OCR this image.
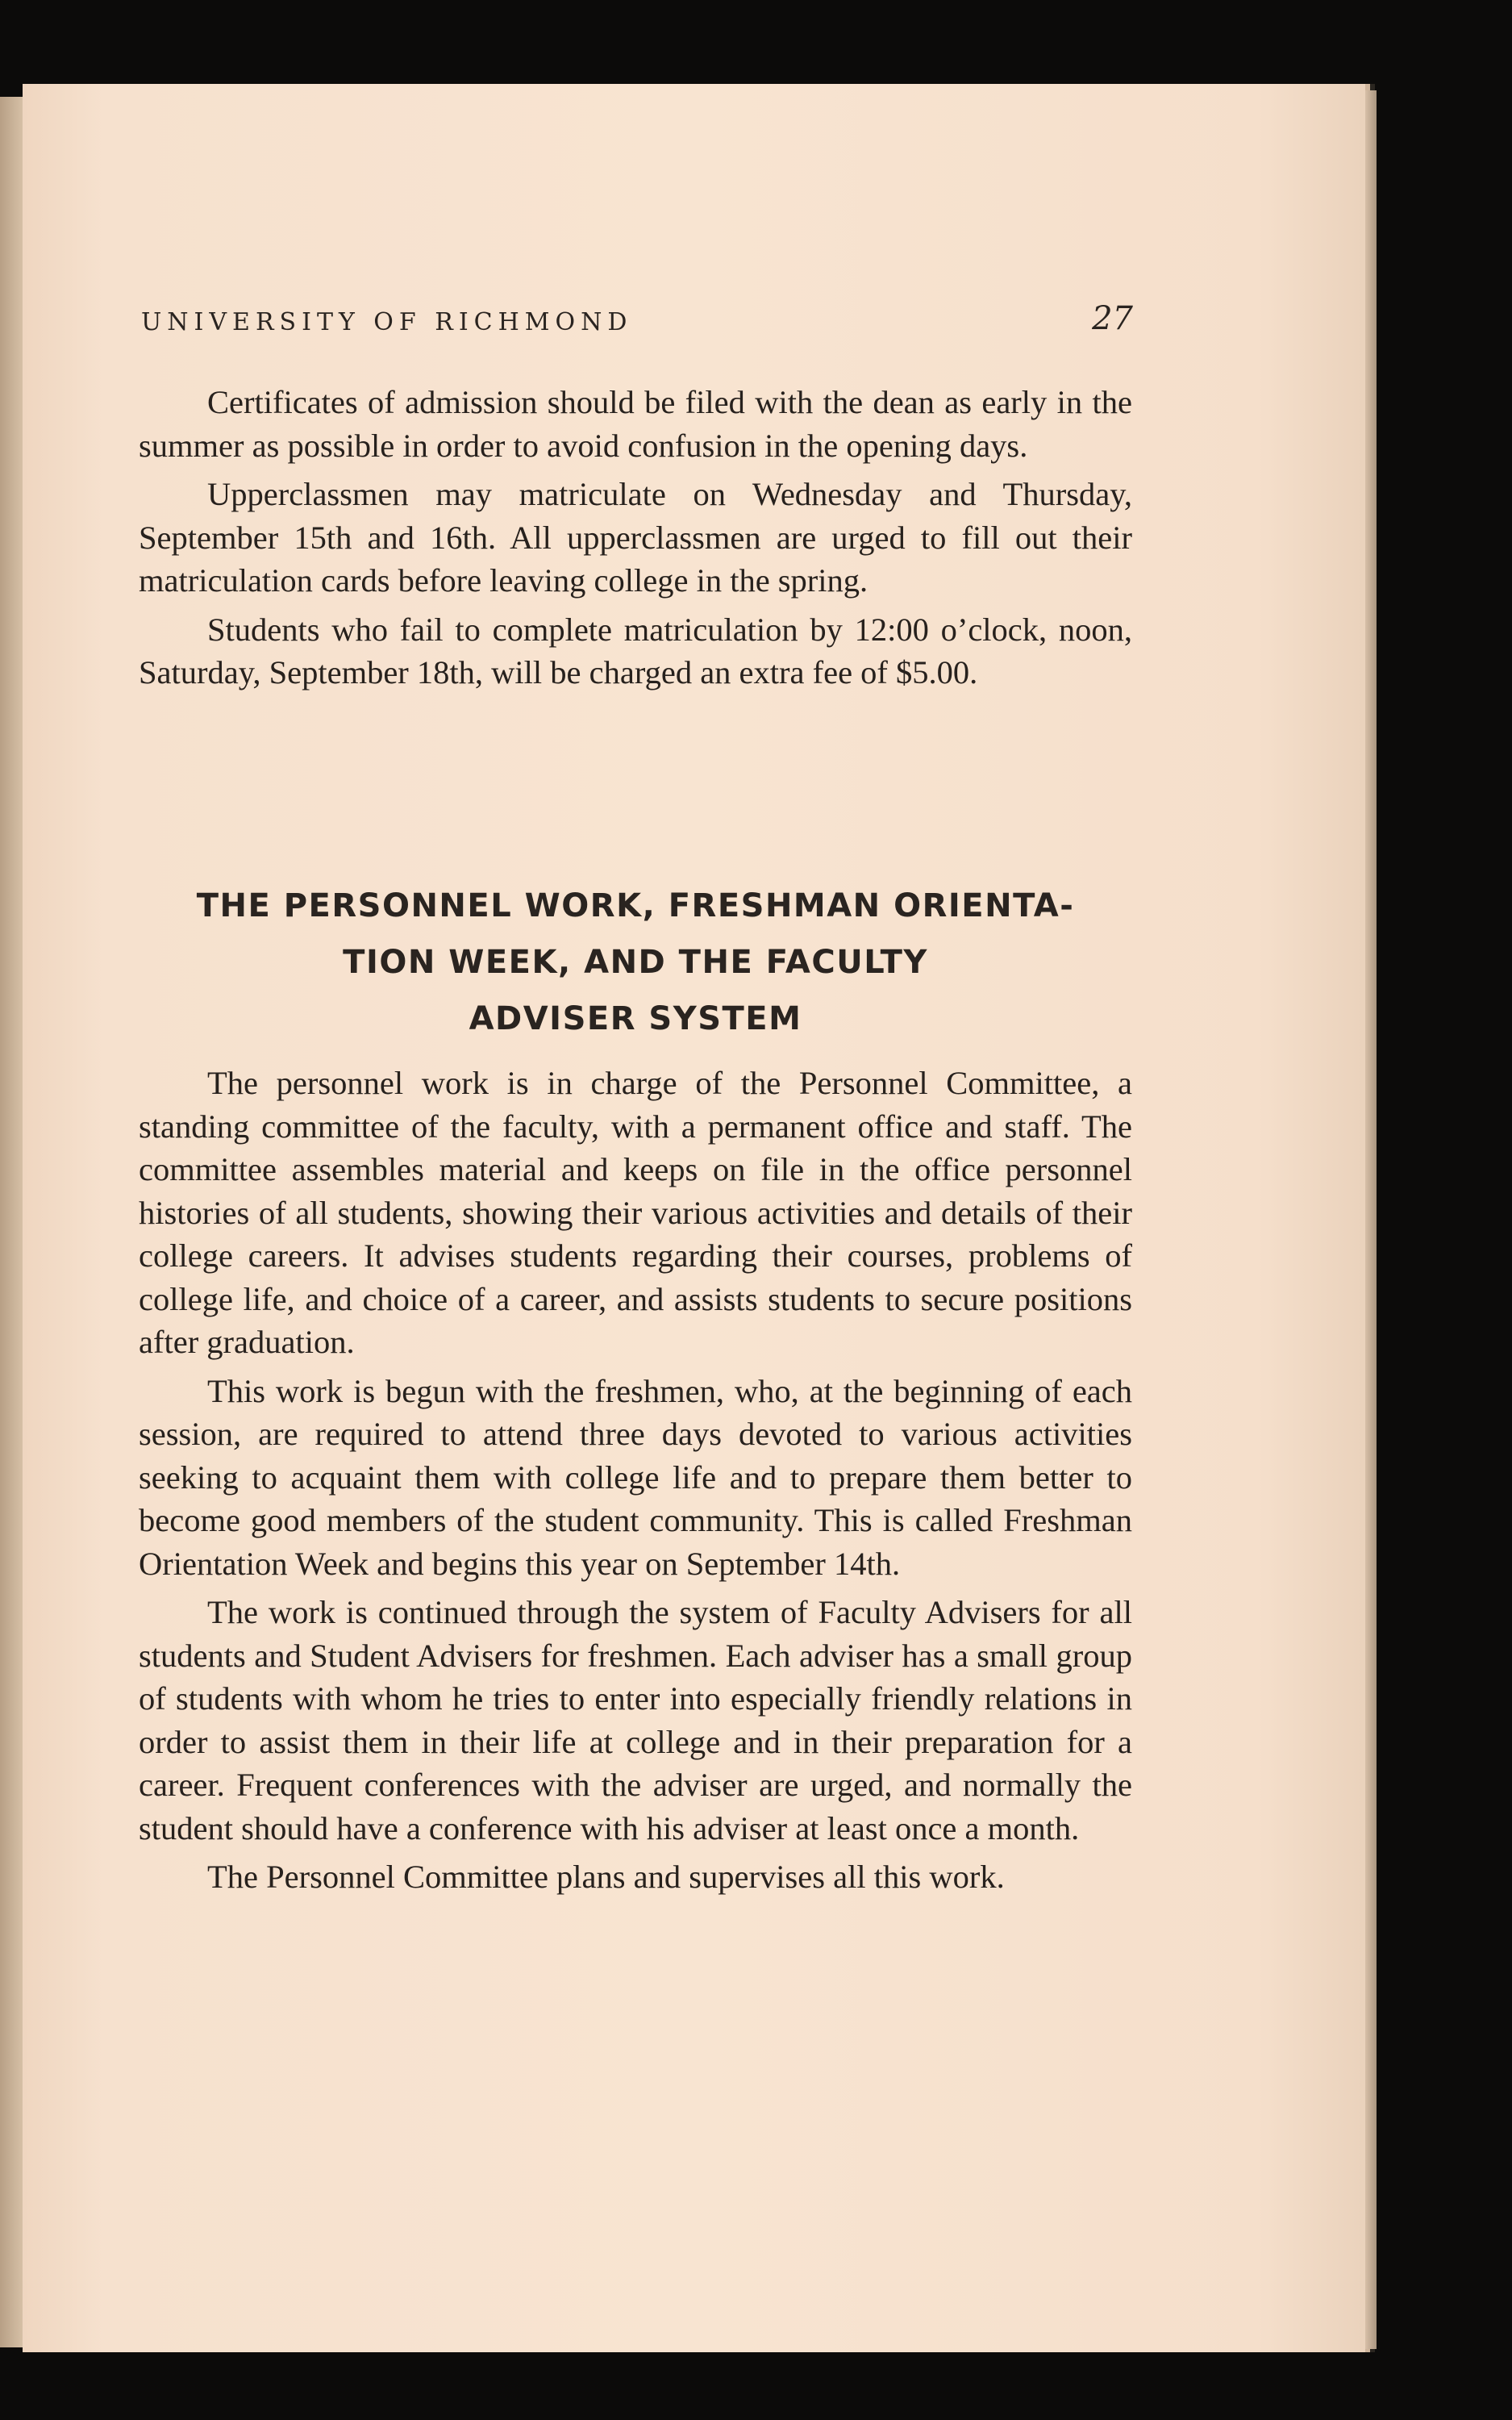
UNIVERSITY OF RICHMOND	27

Certificates of admission should be filed with the dean as early in the summer as possible in order to avoid confusion in the opening days.

Upperclassmen may matriculate on Wednesday and Thursday, September 15th and 16th. All upperclassmen are urged to fill out their matriculation cards before leaving college in the spring.

Students who fail to complete matriculation by 12:00 o’clock, noon, Saturday, September 18th, will be charged an extra fee of $5.00.

THE PERSONNEL WORK, FRESHMAN ORIENTA-
TION WEEK, AND THE FACULTY
ADVISER SYSTEM

The personnel work is in charge of the Personnel Committee, a standing committee of the faculty, with a permanent office and staff. The committee assembles material and keeps on file in the office personnel histories of all students, showing their various activities and details of their college careers. It advises students regarding their courses, problems of college life, and choice of a career, and assists students to secure positions after graduation.

This work is begun with the freshmen, who, at the beginning of each session, are required to attend three days devoted to various activities seeking to acquaint them with college life and to prepare them better to become good members of the student community. This is called Freshman Orientation Week and begins this year on September 14th.

The work is continued through the system of Faculty Advisers for all students and Student Advisers for freshmen. Each adviser has a small group of students with whom he tries to enter into especially friendly relations in order to assist them in their life at college and in their preparation for a career. Frequent conferences with the adviser are urged, and normally the student should have a conference with his adviser at least once a month.

The Personnel Committee plans and supervises all this work.
